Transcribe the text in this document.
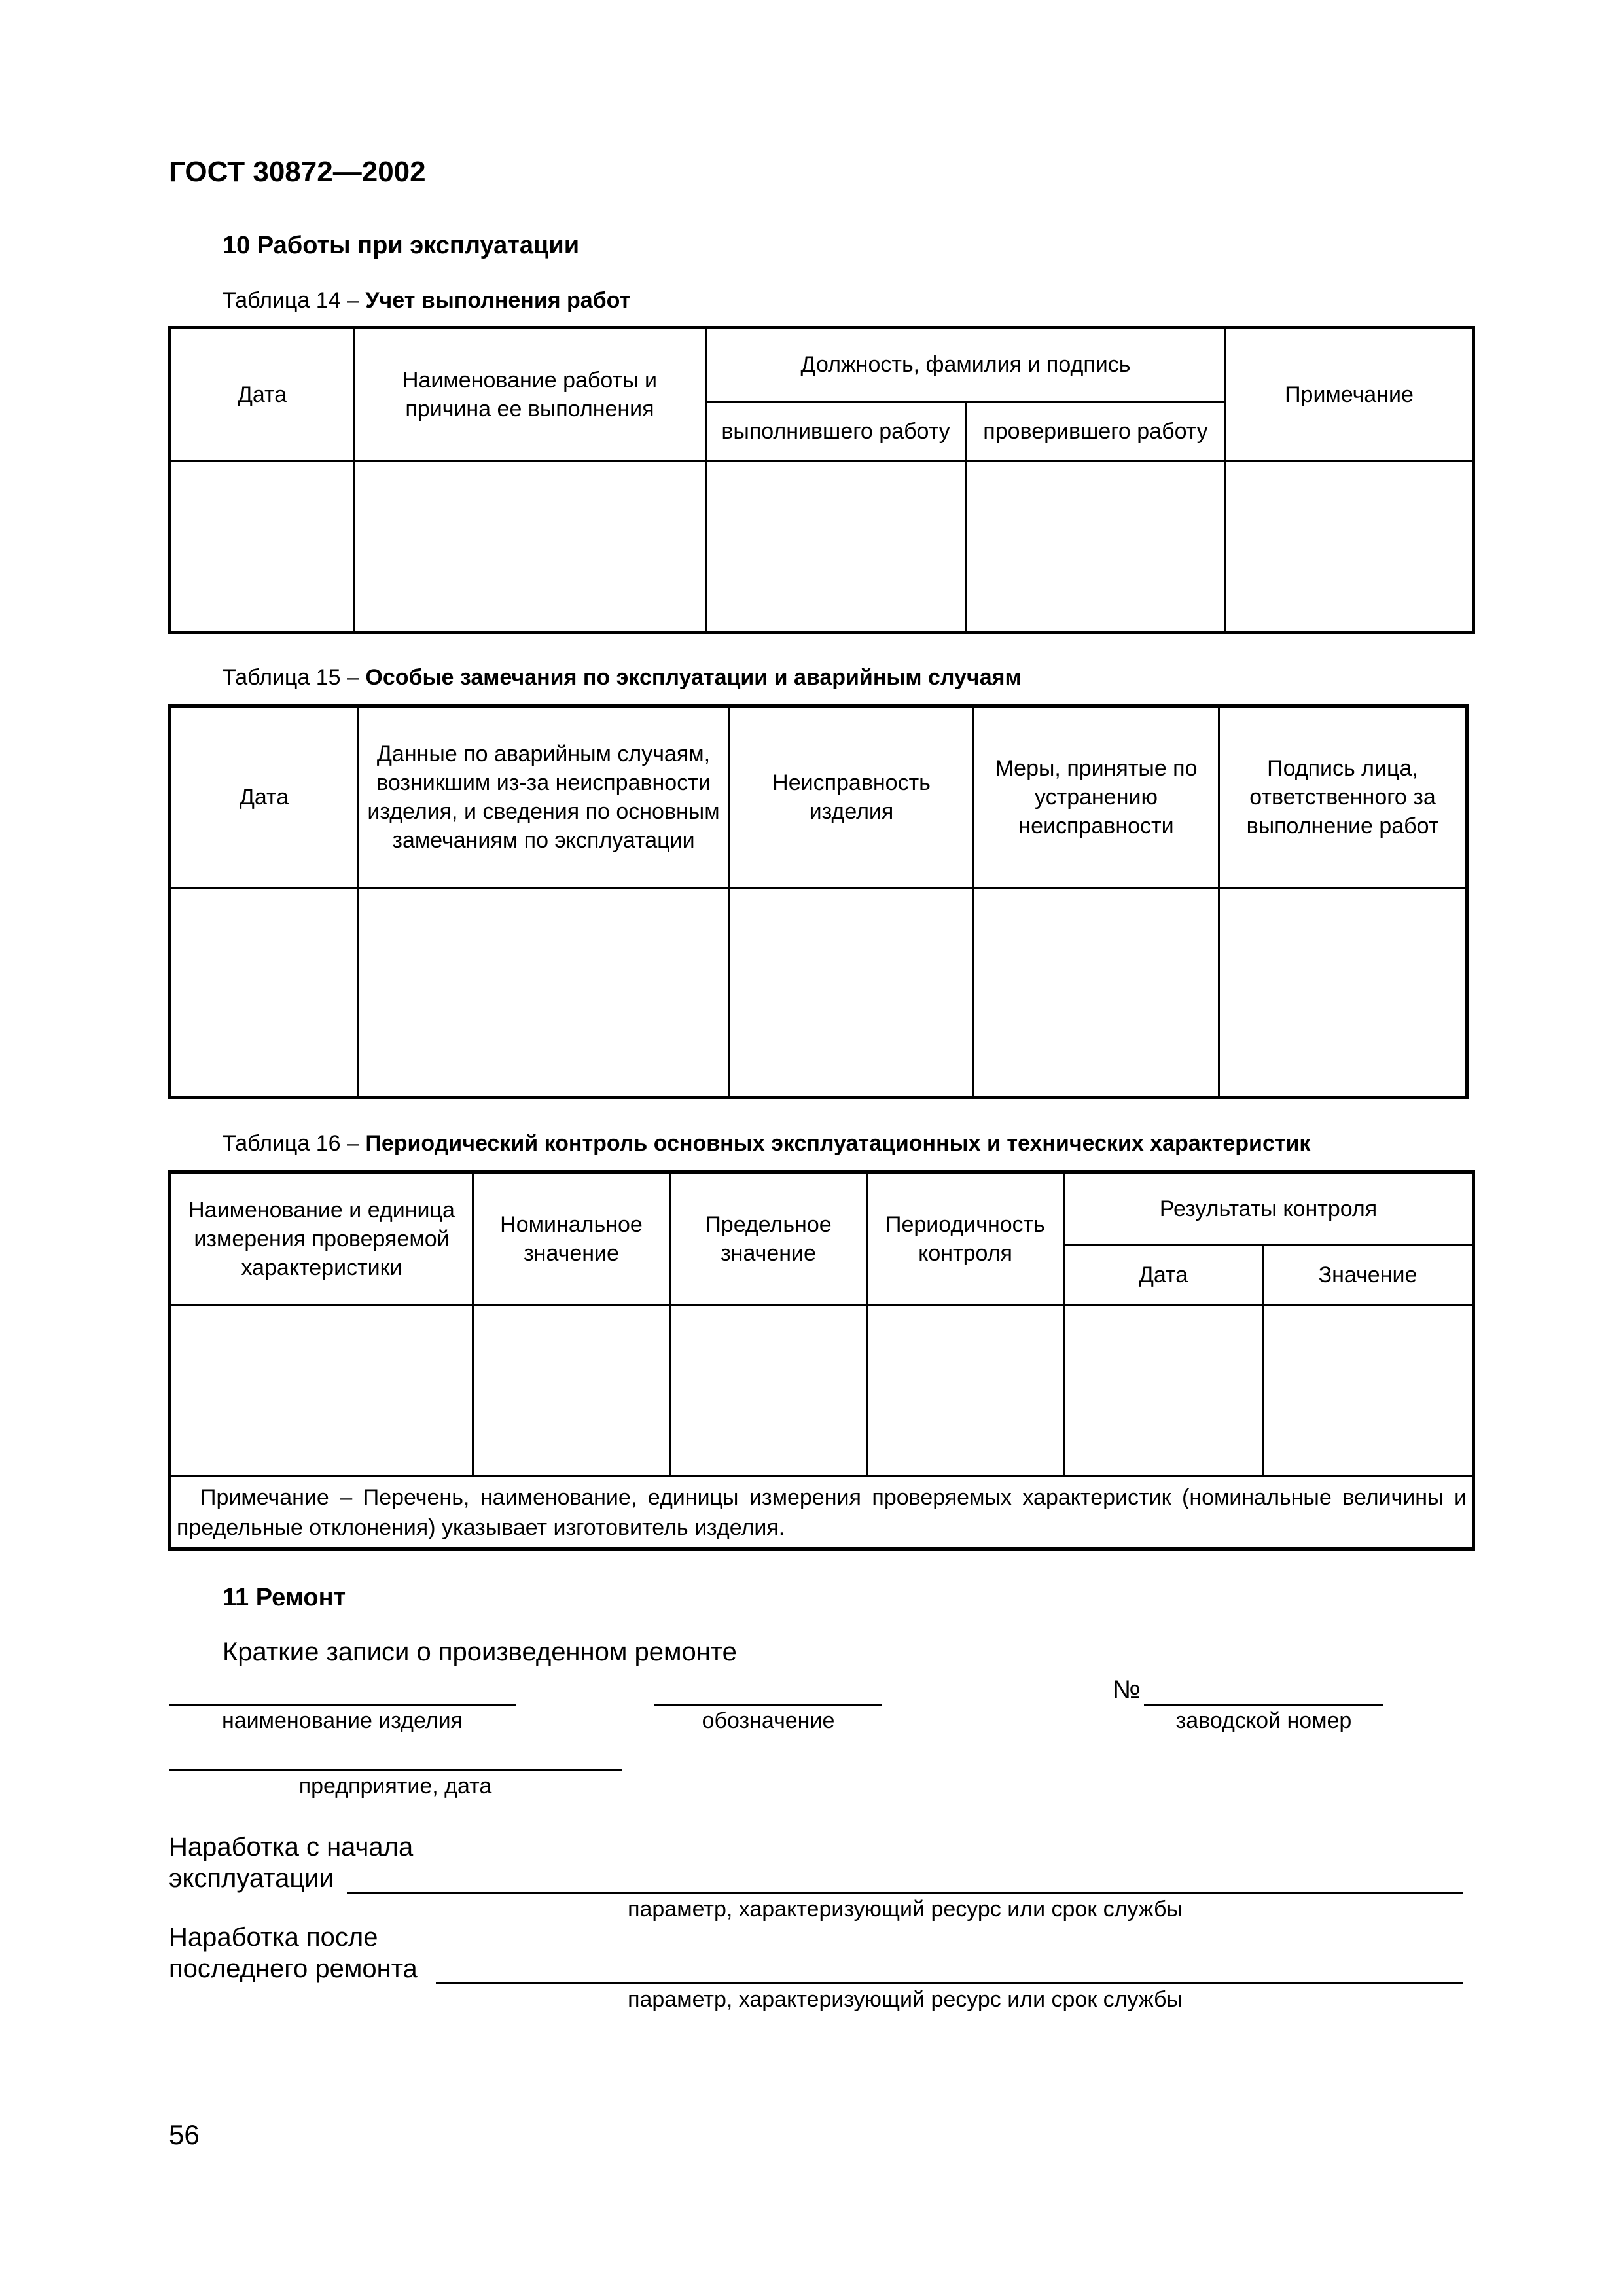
ГОСТ 30872—2002
10 Работы при эксплуатации
Таблица 14 – Учет выполнения работ
Дата	Наименование работы и причина ее выполнения	Должность, фамилия и подпись		Примечание
		выполнившего работу	проверившего работу	

Таблица 15 – Особые замечания по эксплуатации и аварийным случаям
Дата	Данные по аварийным случаям, возникшим из-за неисправности изделия, и сведения по основным замечаниям по эксплуатации	Неисправность изделия	Меры, принятые по устранению неисправности	Подпись лица, ответственного за выполнение работ

Таблица 16 – Периодический контроль основных эксплуатационных и технических характеристик
Наименование и единица измерения проверяемой характеристики	Номинальное значение	Предельное значение	Периодичность контроля	Результаты контроля	
				Дата	Значение

Примечание – Перечень, наименование, единицы измерения проверяемых характеристик (номинальные величины и предельные отклонения) указывает изготовитель изделия.					
11 Ремонт
Краткие записи о произведенном ремонте
наименование изделия	обозначение
№
заводской номер
предприятие, дата
Наработка с начала
эксплуатации
параметр, характеризующий ресурс или срок службы
Наработка после
последнего ремонта
параметр, характеризующий ресурс или срок службы
56
